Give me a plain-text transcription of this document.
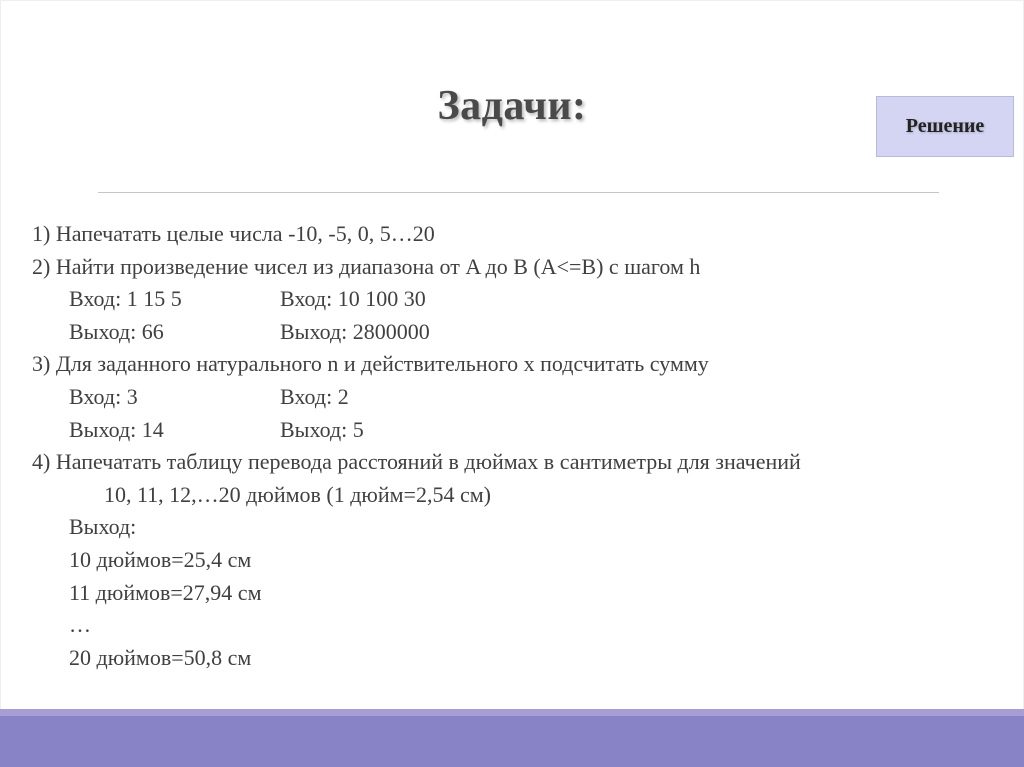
Задачи:	Решение
1) Напечатать целые числа -10, -5, 0, 5…20
2) Найти произведение чисел из диапазона от A до B (A<=B) с шагом h
Вход: 1 15 5	Вход: 10 100 30
Выход: 66	Выход: 2800000
3) Для заданного натурального n и действительного x подсчитать сумму
Вход: 3	Вход: 2
Выход: 14	Выход: 5
4) Напечатать таблицу перевода расстояний в дюймах в сантиметры для значений
10, 11, 12,…20 дюймов (1 дюйм=2,54 см)
Выход:
10 дюймов=25,4 см
11 дюймов=27,94 см
…
20 дюймов=50,8 см
